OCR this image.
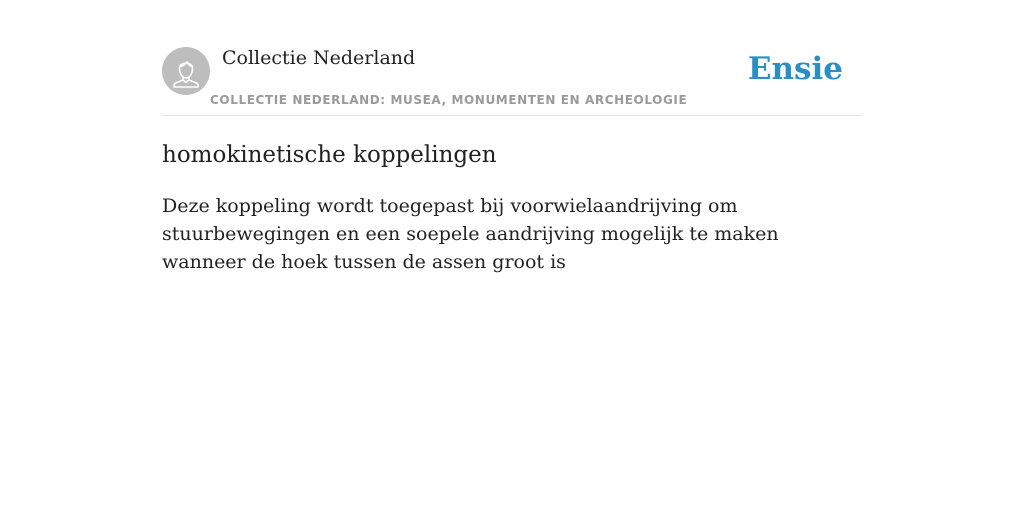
Collectie Nederland
COLLECTIE NEDERLAND: MUSEA, MONUMENTEN EN ARCHEOLOGIE
Ensie
homokinetische koppelingen

Deze koppeling wordt toegepast bij voorwielaandrijving om stuurbewegingen en een soepele aandrijving mogelijk te maken wanneer de hoek tussen de assen groot is
